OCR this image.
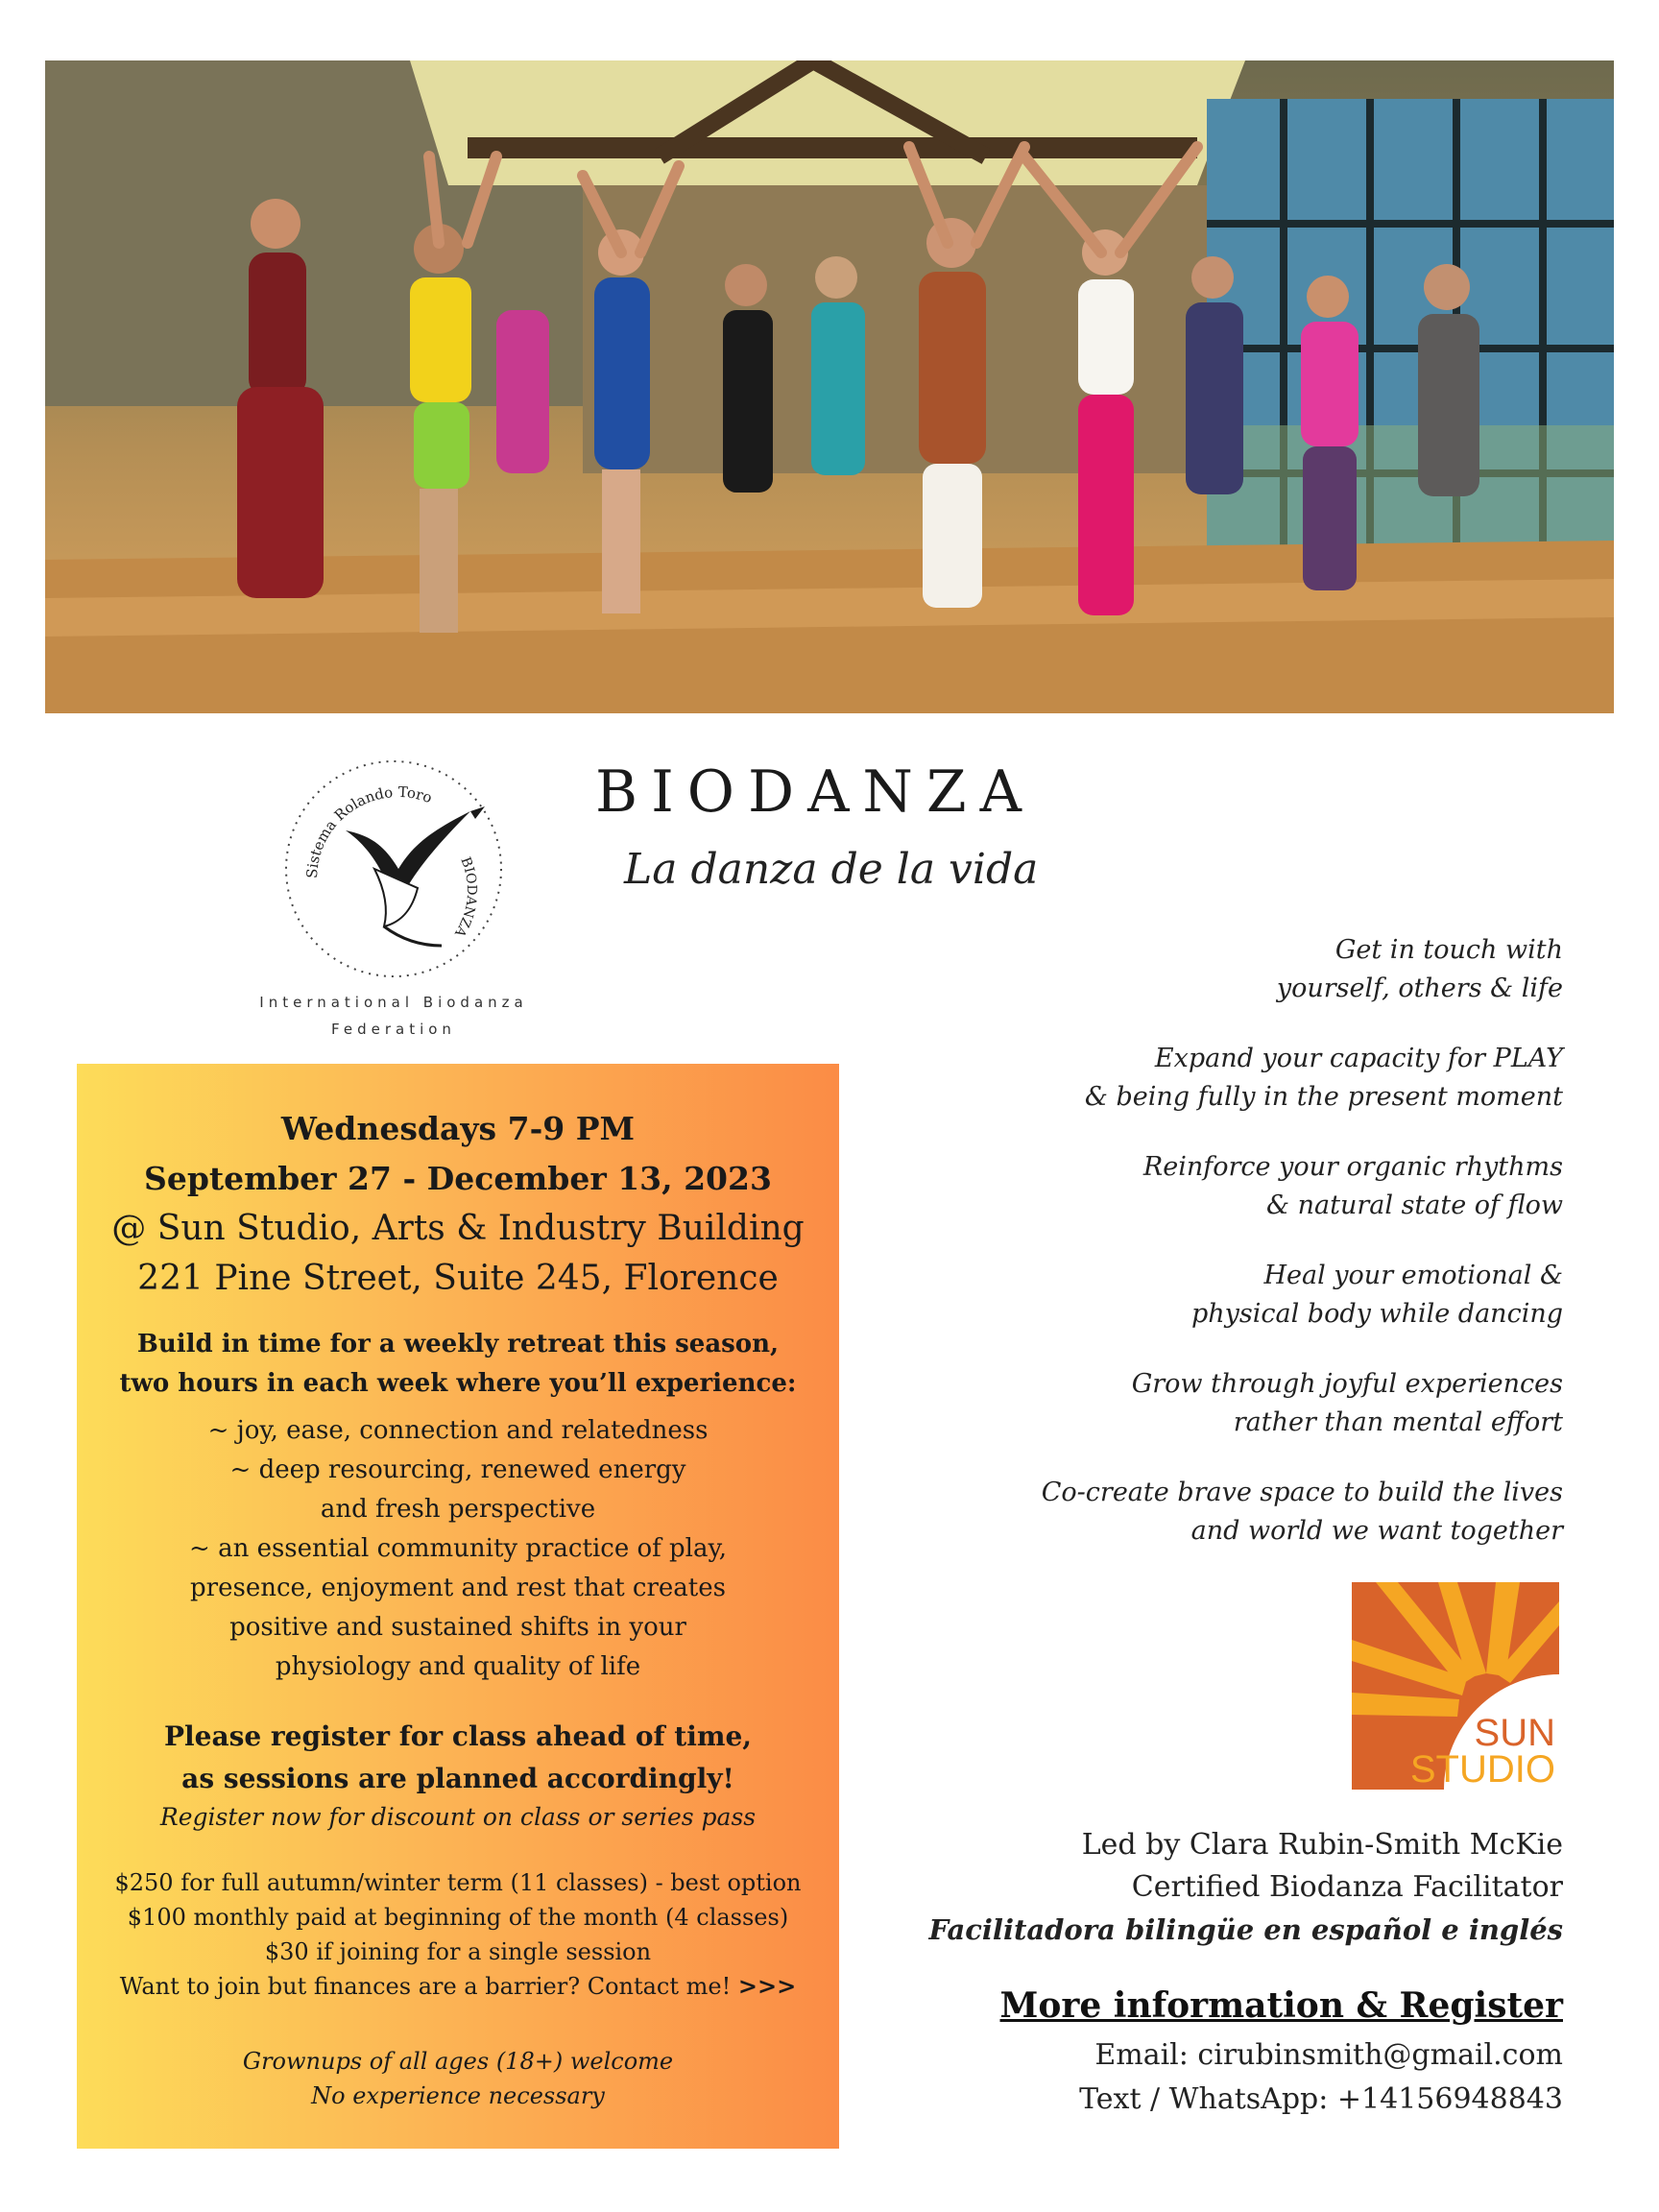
Sistema Rolando Toro
BIODANZA
International Biodanza Federation
BIODANZA
La danza de la vida
Wednesdays 7-9 PM
September 27 - December 13, 2023
@ Sun Studio, Arts & Industry Building
221 Pine Street, Suite 245, Florence
Build in time for a weekly retreat this season,
two hours in each week where you’ll experience:
~ joy, ease, connection and relatedness
~ deep resourcing, renewed energy
and fresh perspective
~ an essential community practice of play,
presence, enjoyment and rest that creates
positive and sustained shifts in your
physiology and quality of life
Please register for class ahead of time,
as sessions are planned accordingly!
Register now for discount on class or series pass
$250 for full autumn/winter term (11 classes) - best option
$100 monthly paid at beginning of the month (4 classes)
$30 if joining for a single session
Want to join but finances are a barrier? Contact me! >>>
Grownups of all ages (18+) welcome
No experience necessary
Get in touch with
yourself, others & life
Expand your capacity for PLAY
& being fully in the present moment
Reinforce your organic rhythms
& natural state of flow
Heal your emotional &
physical body while dancing
Grow through joyful experiences
rather than mental effort
Co-create brave space to build the lives
and world we want together
SUN
STUDIO
Led by Clara Rubin-Smith McKie
Certified Biodanza Facilitator
Facilitadora bilingüe en español e inglés
More information & Register
Email: cirubinsmith@gmail.com
Text / WhatsApp: +14156948843
